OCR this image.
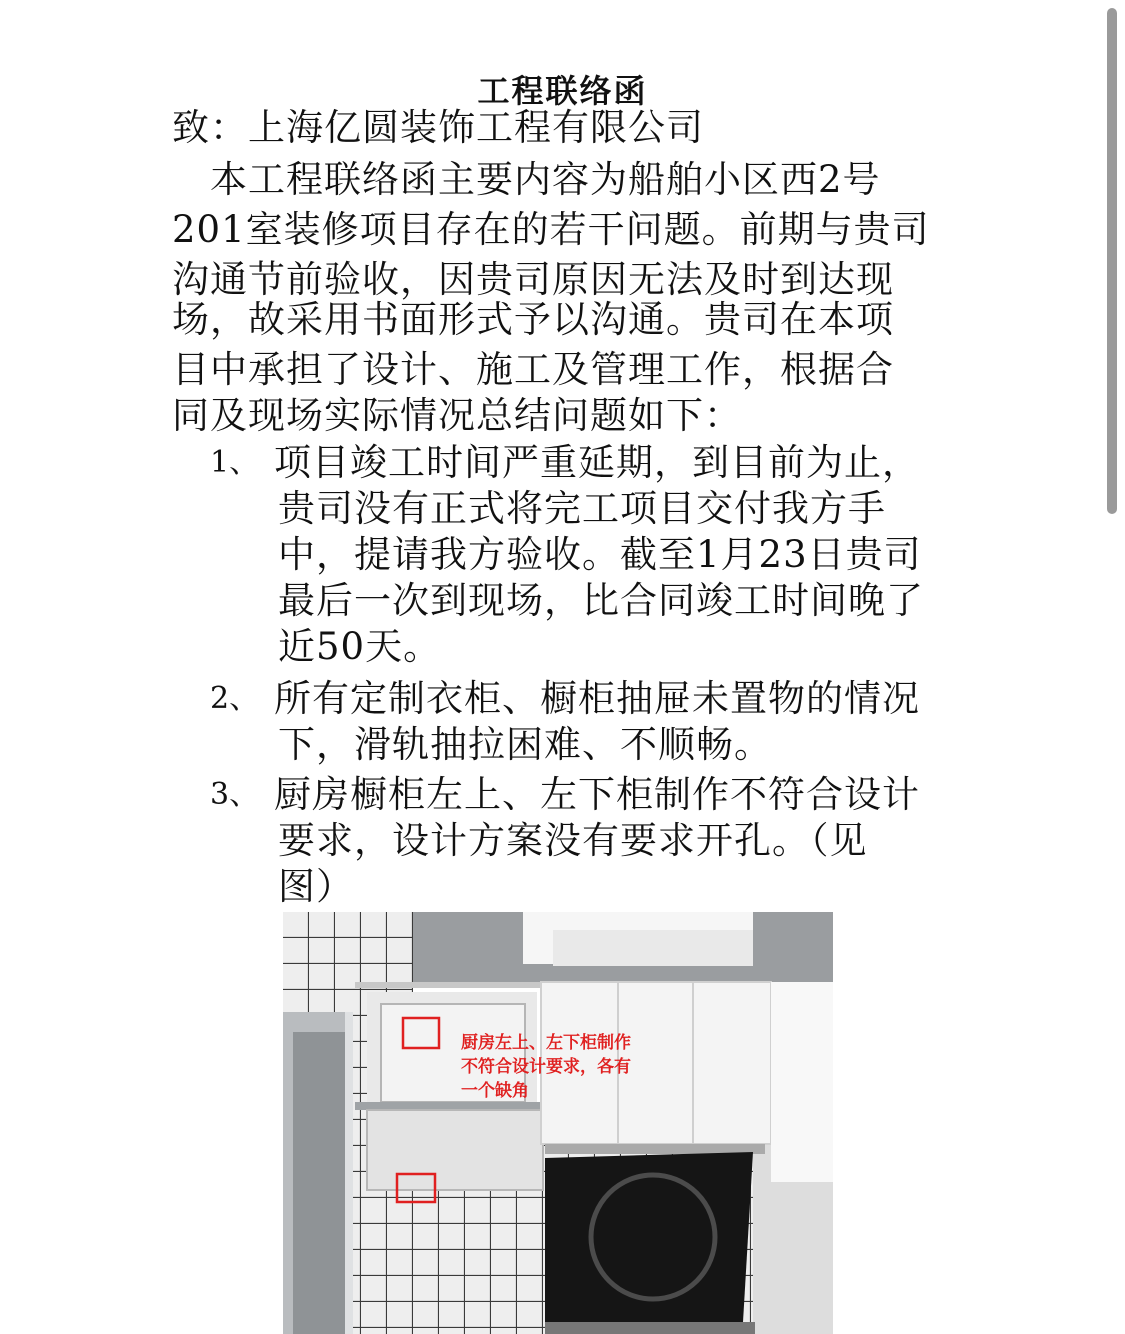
工程联络函
致：上海亿圆装饰工程有限公司
　本工程联络函主要内容为船舶小区西2号
201室装修项目存在的若干问题。前期与贵司
沟通节前验收，因贵司原因无法及时到达现
场，故采用书面形式予以沟通。贵司在本项
目中承担了设计、施工及管理工作，根据合
同及现场实际情况总结问题如下：
1、 项目竣工时间严重延期，到目前为止，
贵司没有正式将完工项目交付我方手
中，提请我方验收。截至1月23日贵司
最后一次到现场，比合同竣工时间晚了
近50天。
2、 所有定制衣柜、橱柜抽屉未置物的情况
下，滑轨抽拉困难、不顺畅。
3、 厨房橱柜左上、左下柜制作不符合设计
要求，设计方案没有要求开孔。（见
图）
厨房左上、左下柜制作 不符合设计要求，各有 一个缺角
